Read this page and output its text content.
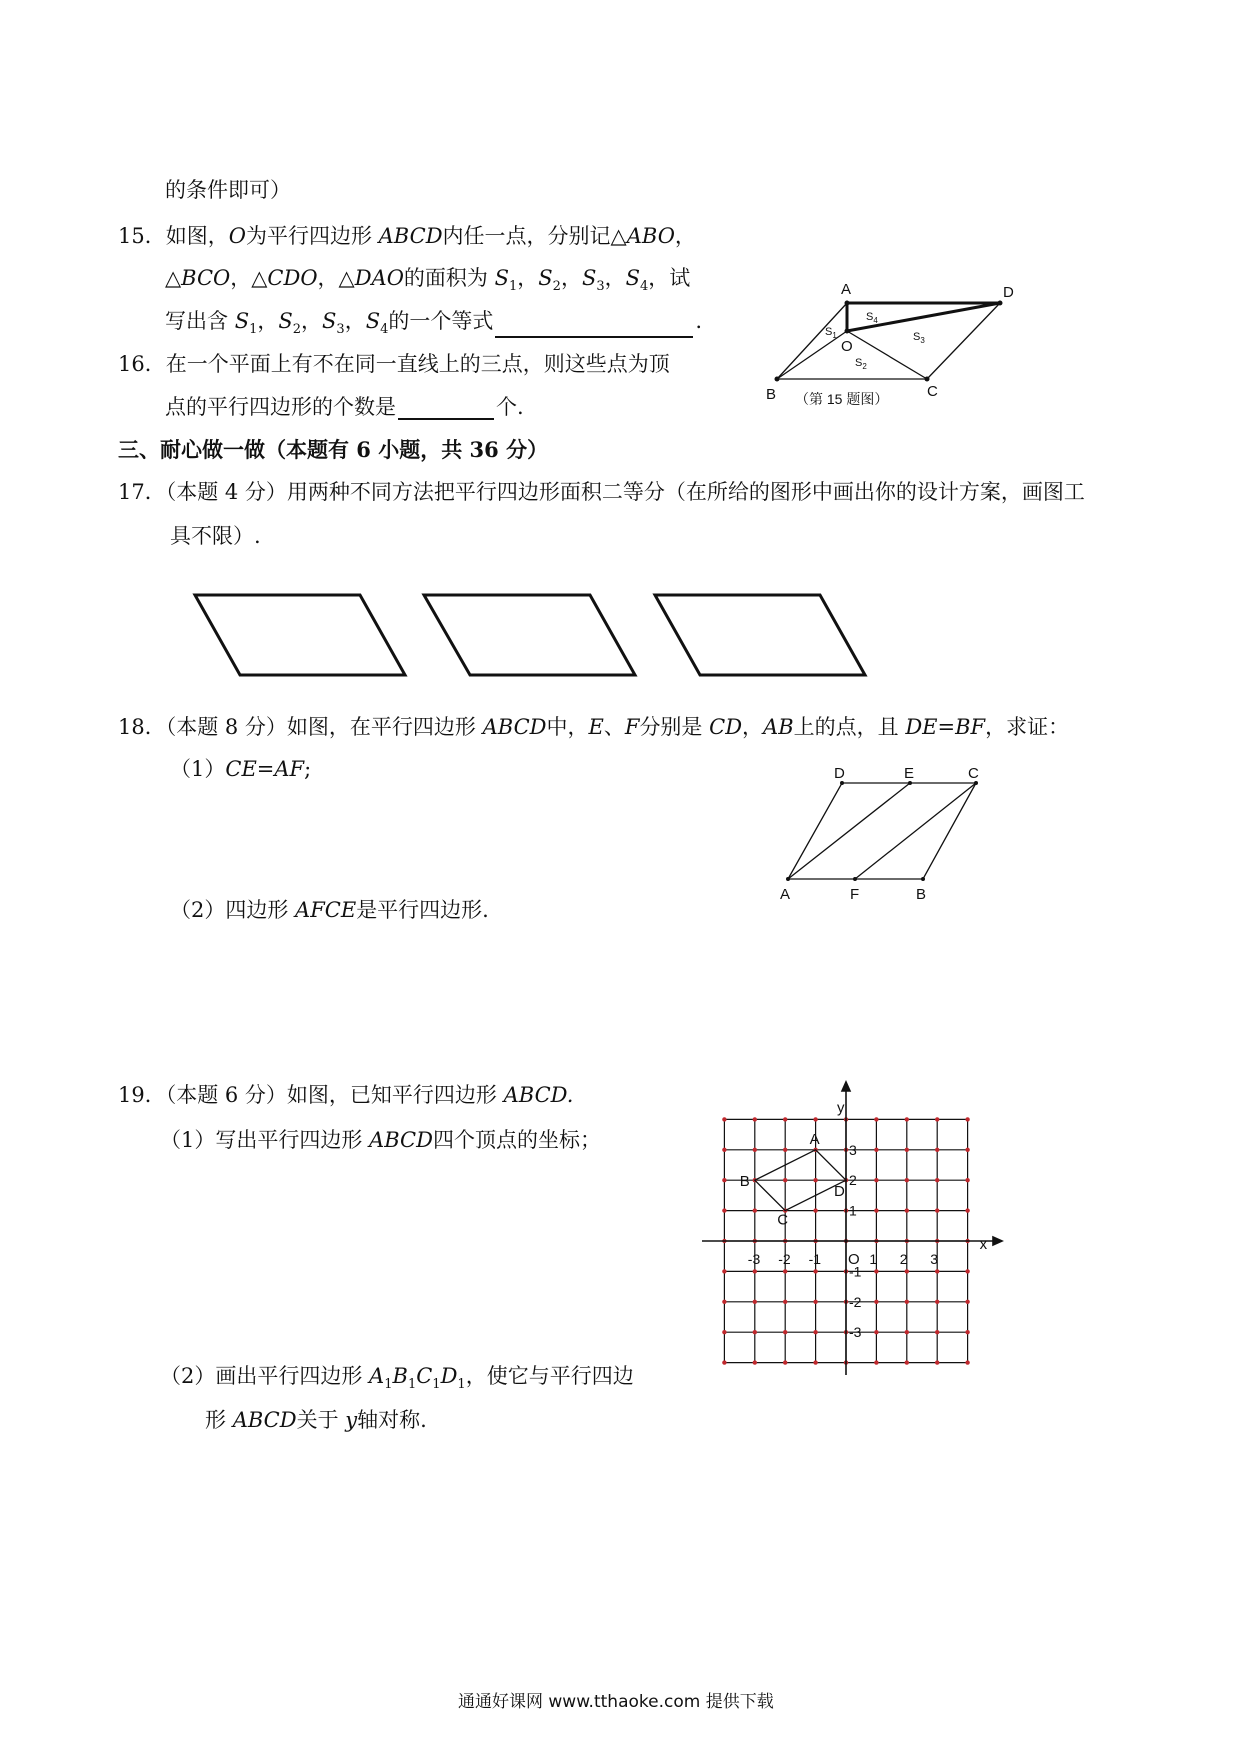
的条件即可）
15．如图，O为平行四边形 ABCD内任一点，分别记△ABO，
△BCO，△CDO，△DAO的面积为 $S_1$，$S_2$，$S_3$，$S_4$，试
写出含 $S_1$，$S_2$，$S_3$，$S_4$的一个等式	.
16．在一个平面上有不在同一直线上的三点，则这些点为顶
点的平行四边形的个数是	个.
A	D
B	C
O
$S_4$
$S_1$	$S_3$
$S_2$
（第 15 题图）
三、耐心做一做（本题有 6 小题，共 36 分）
17．（本题 4 分）用两种不同方法把平行四边形面积二等分（在所给的图形中画出你的设计方案，画图工
具不限）.
18．（本题 8 分）如图，在平行四边形 ABCD中，E、F分别是 CD，AB上的点，且 DE=BF，求证：
（1）CE=AF;
（2）四边形 AFCE是平行四边形.
D	E	C
A	F	B
19．（本题 6 分）如图，已知平行四边形 ABCD.
（1）写出平行四边形 ABCD四个顶点的坐标；
（2）画出平行四边形 $A_1B_1C_1D_1$，使它与平行四边
形 ABCD关于 y轴对称.
A
B
C
D
O
x
y
-3 -2 -1	1 2 3
3
2
1
-1
-2
-3
通通好课网 www.tthaoke.com 提供下载
